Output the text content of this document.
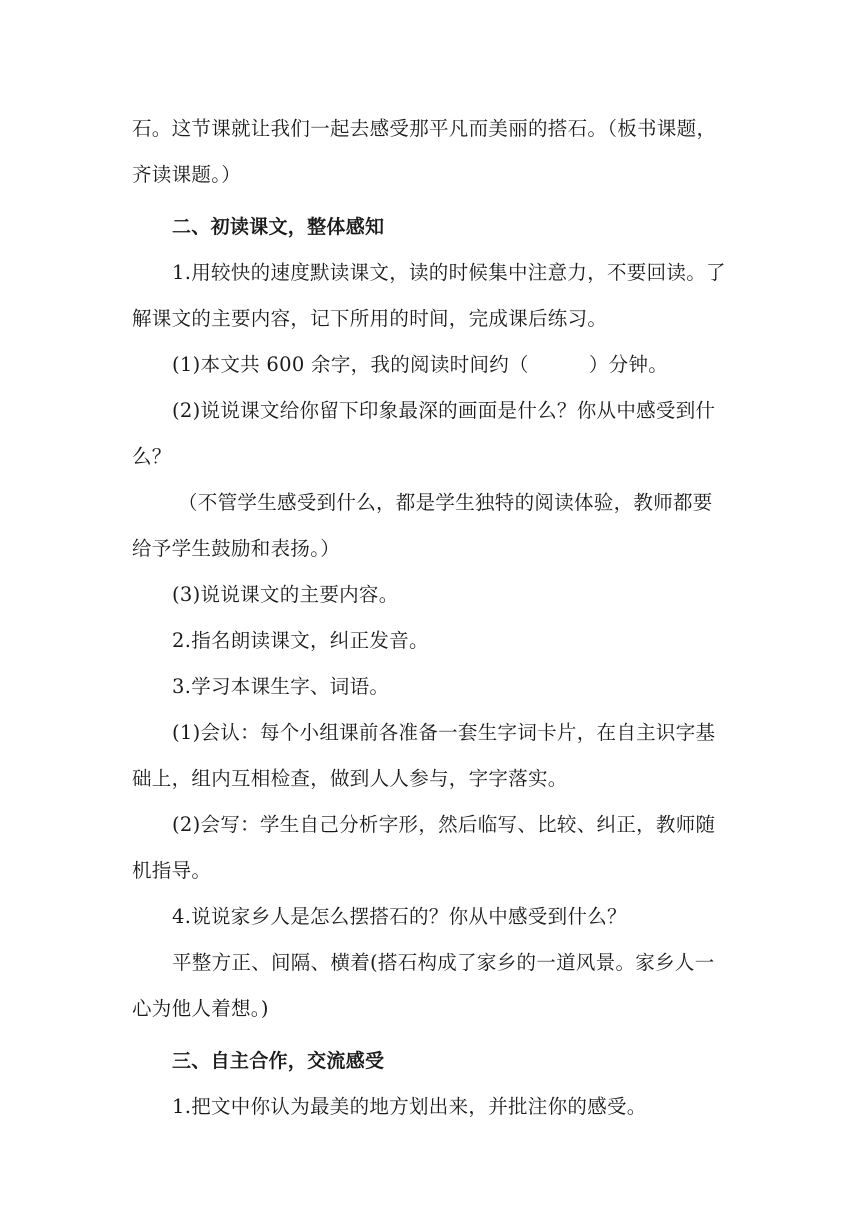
石。这节课就让我们一起去感受那平凡而美丽的搭石。（板书课题，齐读课题。）

二、初读课文，整体感知

1.用较快的速度默读课文，读的时候集中注意力，不要回读。了解课文的主要内容，记下所用的时间，完成课后练习。

(1)本文共 600 余字，我的阅读时间约（	）分钟。

(2)说说课文给你留下印象最深的画面是什么？你从中感受到什么？

（不管学生感受到什么，都是学生独特的阅读体验，教师都要给予学生鼓励和表扬。）

(3)说说课文的主要内容。

2.指名朗读课文，纠正发音。

3.学习本课生字、词语。

(1)会认：每个小组课前各准备一套生字词卡片，在自主识字基础上，组内互相检查，做到人人参与，字字落实。

(2)会写：学生自己分析字形，然后临写、比较、纠正，教师随机指导。

4.说说家乡人是怎么摆搭石的？你从中感受到什么？

平整方正、间隔、横着(搭石构成了家乡的一道风景。家乡人一心为他人着想。)

三、自主合作，交流感受

1.把文中你认为最美的地方划出来，并批注你的感受。
